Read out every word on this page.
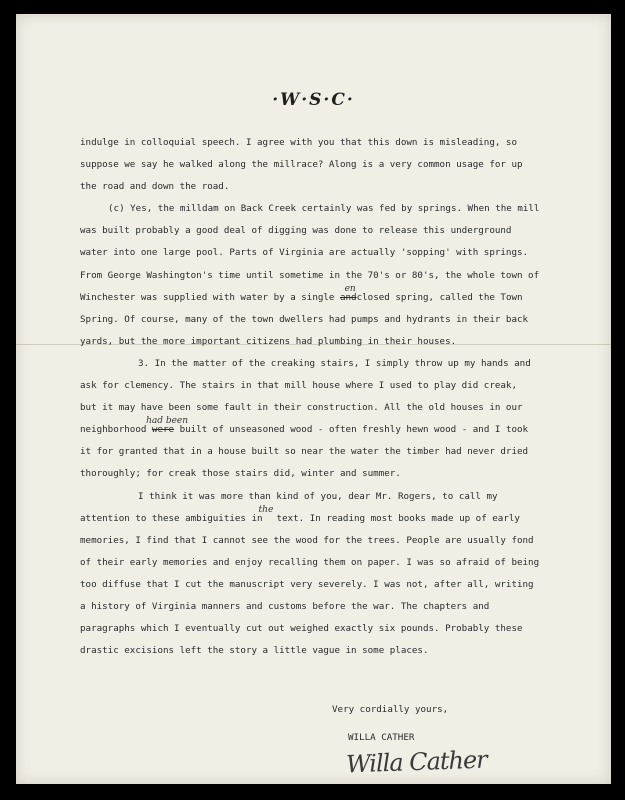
·W·S·C·
indulge in colloquial speech. I agree with you that this down is misleading, so
suppose we say he walked along the millrace? Along is a very common usage for up
the road and down the road.
(c) Yes, the milldam on Back Creek certainly was fed by springs. When the mill
was built probably a good deal of digging was done to release this underground
water into one large pool. Parts of Virginia are actually 'sopping' with springs.
From George Washington's time until sometime in the 70's or 80's, the whole town of
Winchester was supplied with water by a single and
en
closed spring, called the Town
Spring. Of course, many of the town dwellers had pumps and hydrants in their back
yards, but the more important citizens had plumbing in their houses.
3. In the matter of the creaking stairs, I simply throw up my hands and
ask for clemency. The stairs in that mill house where I used to play did creak,
but it may have been some fault in their construction. All the old houses in our
neighborhood were
had been
built of unseasoned wood - often freshly hewn wood - and I took
it for granted that in a house built so near the water the timber had never dried
thoroughly; for creak those stairs did, winter and summer.
I think it was more than kind of you, dear Mr. Rogers, to call my
attention to these ambiguities in
the
text. In reading most books made up of early
memories, I find that I cannot see the wood for the trees. People are usually fond
of their early memories and enjoy recalling them on paper. I was so afraid of being
too diffuse that I cut the manuscript very severely. I was not, after all, writing
a history of Virginia manners and customs before the war. The chapters and
paragraphs which I eventually cut out weighed exactly six pounds. Probably these
drastic excisions left the story a little vague in some places.
Very cordially yours,
WILLA CATHER
Willa Cather
